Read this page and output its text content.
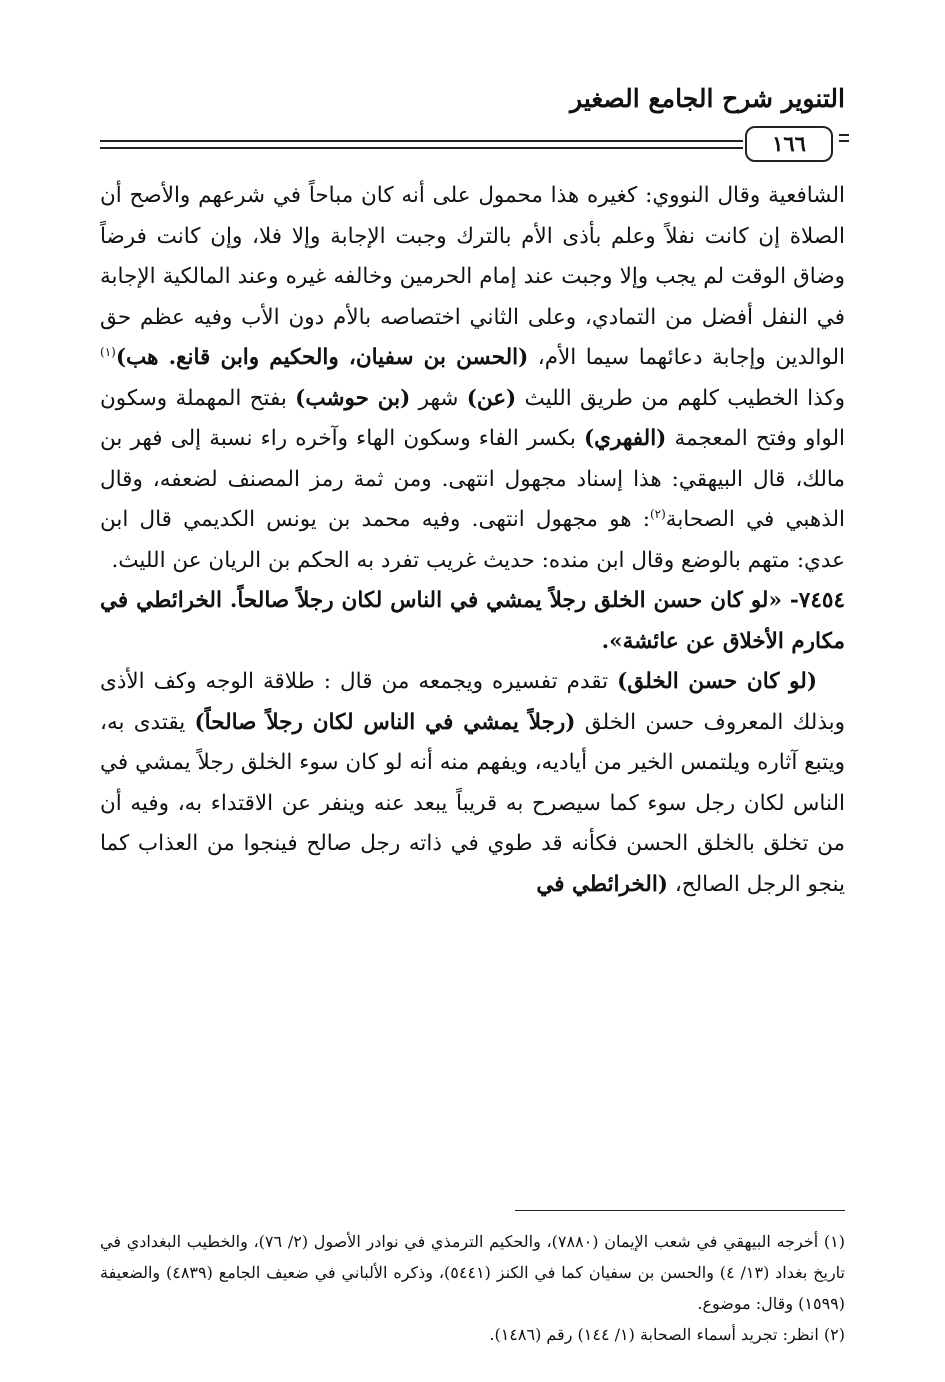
التنوير شرح الجامع الصغير
١٦٦

الشافعية وقال النووي: كغيره هذا محمول على أنه كان مباحاً في شرعهم والأصح أن الصلاة إن كانت نفلاً وعلم بأذى الأم بالترك وجبت الإجابة وإلا فلا، وإن كانت فرضاً وضاق الوقت لم يجب وإلا وجبت عند إمام الحرمين وخالفه غيره وعند المالكية الإجابة في النفل أفضل من التمادي، وعلى الثاني اختصاصه بالأم دون الأب وفيه عظم حق الوالدين وإجابة دعائهما سيما الأم، (الحسن بن سفيان، والحكيم وابن قانع. هب)$^{(١)}$ وكذا الخطيب كلهم من طريق الليث (عن) شهر (بن حوشب) بفتح المهملة وسكون الواو وفتح المعجمة (الفهري) بكسر الفاء وسكون الهاء وآخره راء نسبة إلى فهر بن مالك، قال البيهقي: هذا إسناد مجهول انتهى. ومن ثمة رمز المصنف لضعفه، وقال الذهبي في الصحابة$^{(٢)}$: هو مجهول انتهى. وفيه محمد بن يونس الكديمي قال ابن عدي: متهم بالوضع وقال ابن منده: حديث غريب تفرد به الحكم بن الريان عن الليث.

٧٤٥٤- «لو كان حسن الخلق رجلاً يمشي في الناس لكان رجلاً صالحاً. الخرائطي في مكارم الأخلاق عن عائشة».

(لو كان حسن الخلق) تقدم تفسيره ويجمعه من قال : طلاقة الوجه وكف الأذى وبذلك المعروف حسن الخلق (رجلاً يمشي في الناس لكان رجلاً صالحاً) يقتدى به، ويتبع آثاره ويلتمس الخير من أياديه، ويفهم منه أنه لو كان سوء الخلق رجلاً يمشي في الناس لكان رجل سوء كما سيصرح به قريباً يبعد عنه وينفر عن الاقتداء به، وفيه أن من تخلق بالخلق الحسن فكأنه قد طوي في ذاته رجل صالح فينجوا من العذاب كما ينجو الرجل الصالح، (الخرائطي في

(١) أخرجه البيهقي في شعب الإيمان (٧٨٨٠)، والحكيم الترمذي في نوادر الأصول (٢/ ٧٦)، والخطيب البغدادي في تاريخ بغداد (١٣/ ٤) والحسن بن سفيان كما في الكنز (٥٤٤١)، وذكره الألباني في ضعيف الجامع (٤٨٣٩) والضعيفة (١٥٩٩) وقال: موضوع.

(٢) انظر: تجريد أسماء الصحابة (١/ ١٤٤) رقم (١٤٨٦).
